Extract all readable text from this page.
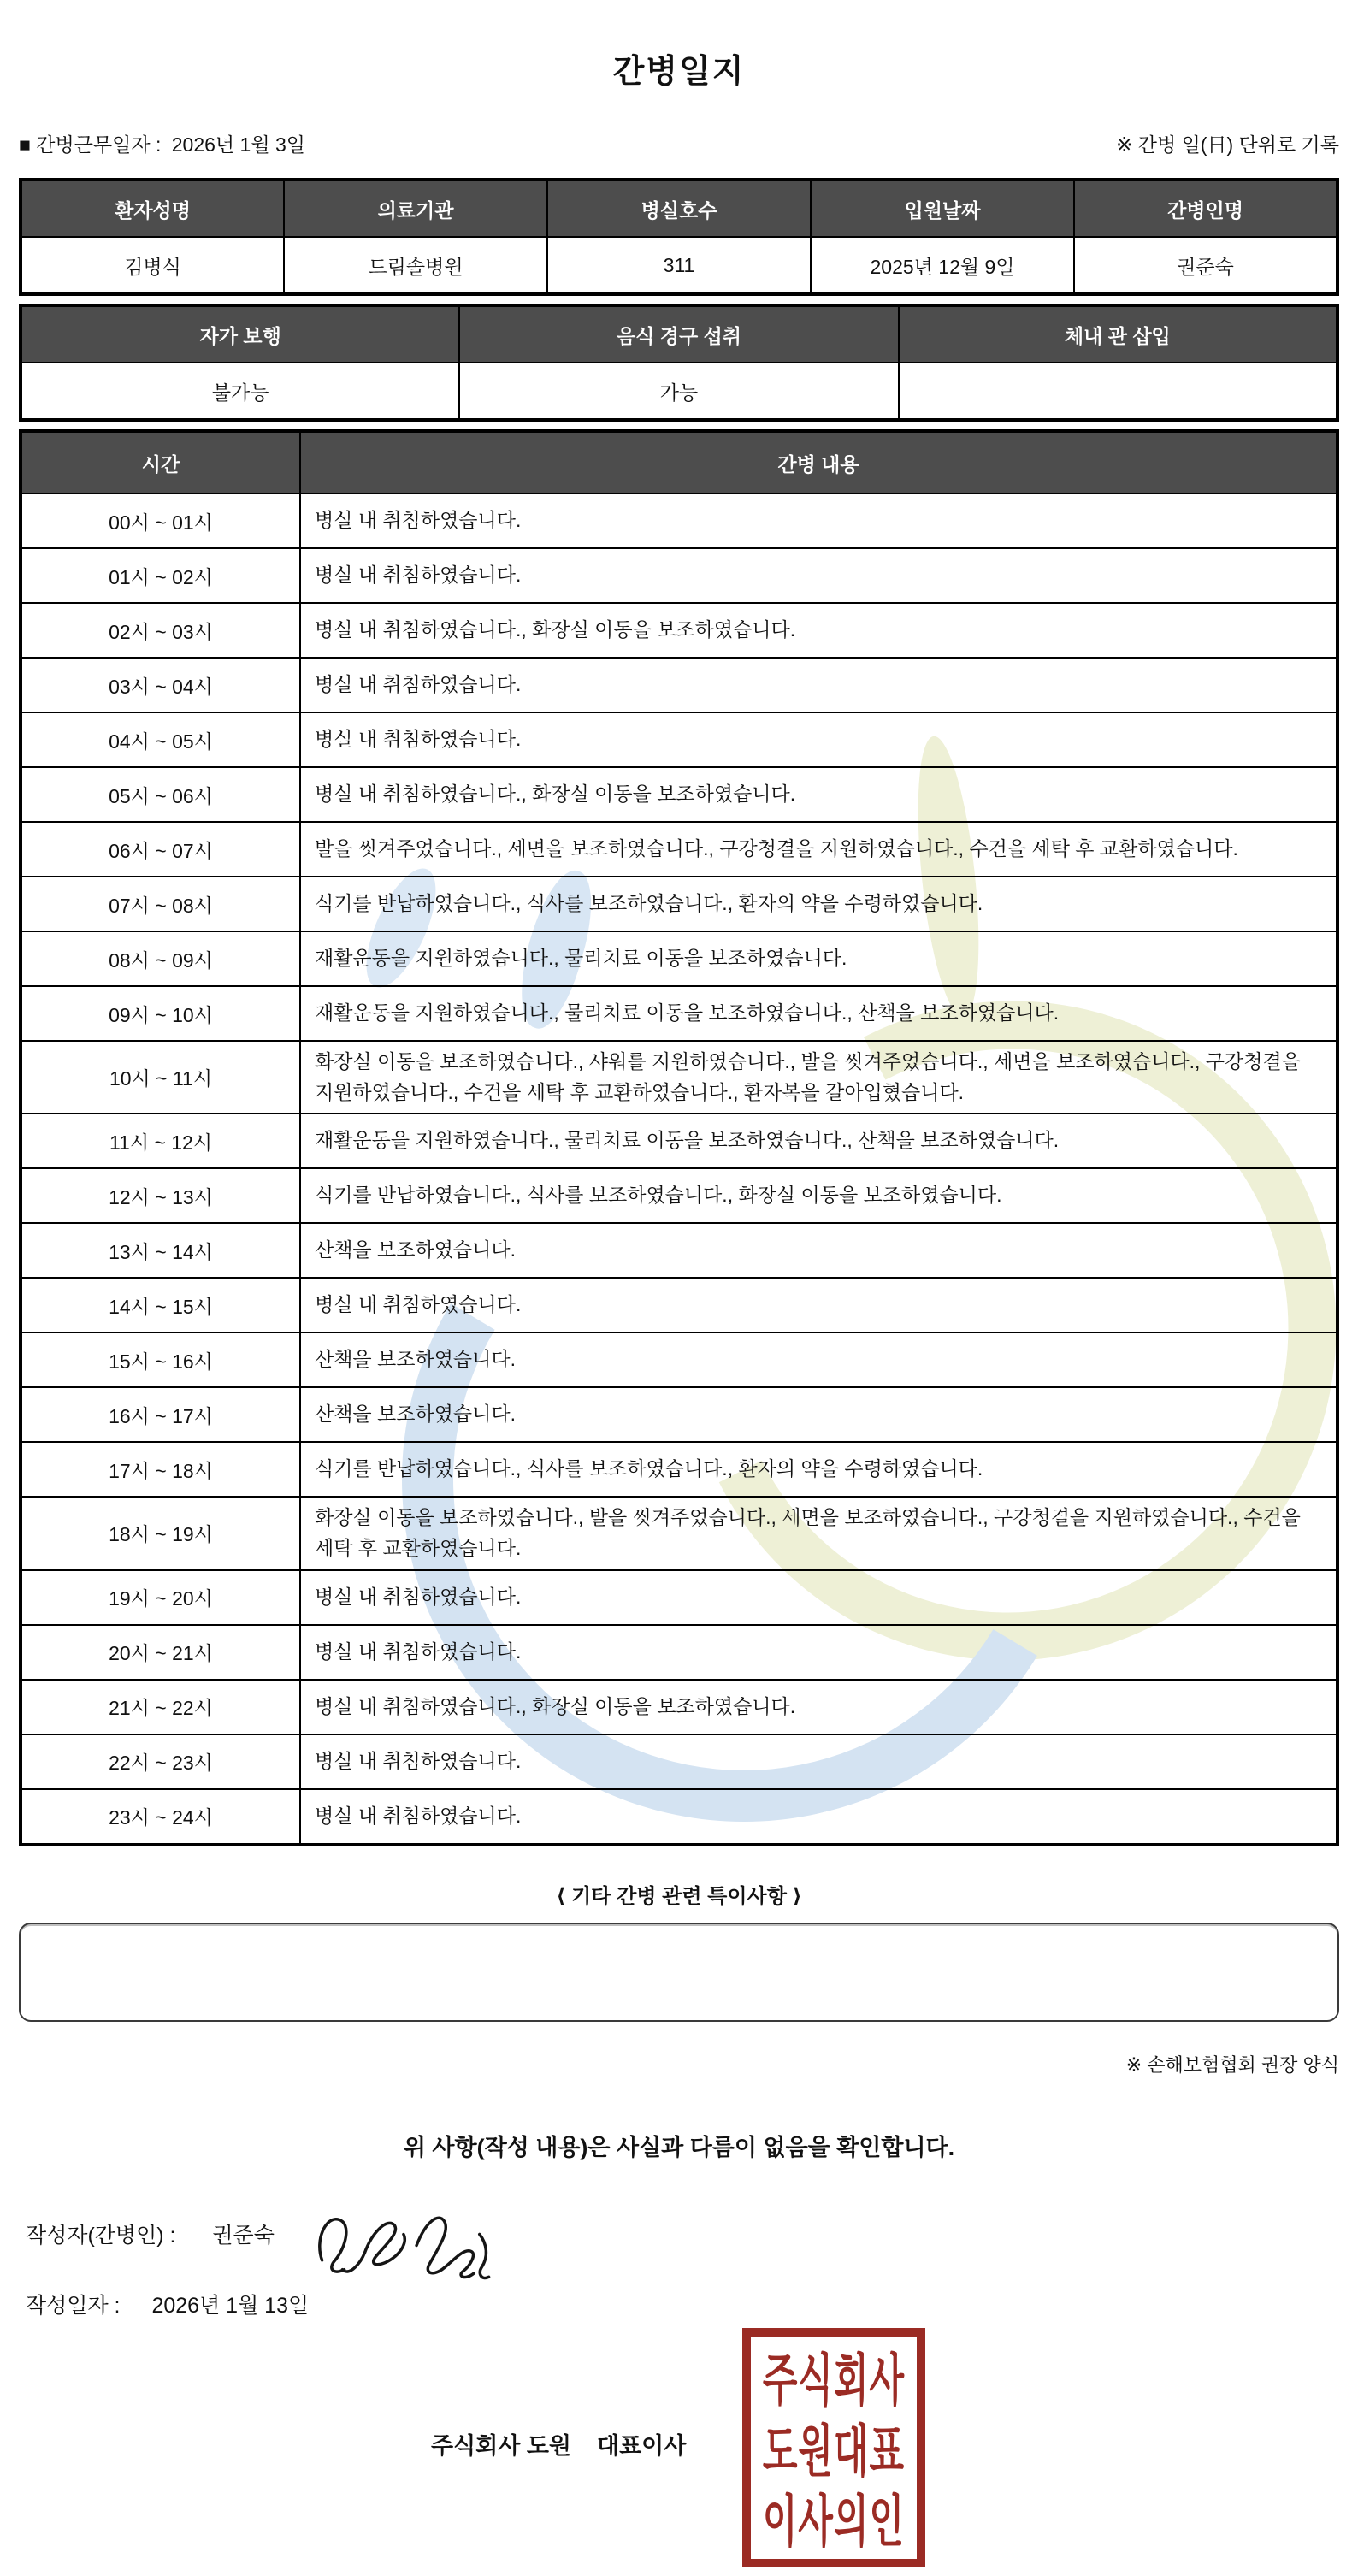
간병일지
■ 간병근무일자 : 2026년 1월 3일	※ 간병 일(日) 단위로 기록
환자성명	의료기관	병실호수	입원날짜	간병인명
김병식	드림솔병원	311	2025년 12월 9일	권준숙
자가 보행	음식 경구 섭취	체내 관 삽입
불가능	가능	
시간	간병 내용
00시 ~ 01시	병실 내 취침하였습니다.
01시 ~ 02시	병실 내 취침하였습니다.
02시 ~ 03시	병실 내 취침하였습니다., 화장실 이동을 보조하였습니다.
03시 ~ 04시	병실 내 취침하였습니다.
04시 ~ 05시	병실 내 취침하였습니다.
05시 ~ 06시	병실 내 취침하였습니다., 화장실 이동을 보조하였습니다.
06시 ~ 07시	발을 씻겨주었습니다., 세면을 보조하였습니다., 구강청결을 지원하였습니다., 수건을 세탁 후 교환하였습니다.
07시 ~ 08시	식기를 반납하였습니다., 식사를 보조하였습니다., 환자의 약을 수령하였습니다.
08시 ~ 09시	재활운동을 지원하였습니다., 물리치료 이동을 보조하였습니다.
09시 ~ 10시	재활운동을 지원하였습니다., 물리치료 이동을 보조하였습니다., 산책을 보조하였습니다.
10시 ~ 11시	화장실 이동을 보조하였습니다., 샤워를 지원하였습니다., 발을 씻겨주었습니다., 세면을 보조하였습니다., 구강청결을 지원하였습니다., 수건을 세탁 후 교환하였습니다., 환자복을 갈아입혔습니다.
11시 ~ 12시	재활운동을 지원하였습니다., 물리치료 이동을 보조하였습니다., 산책을 보조하였습니다.
12시 ~ 13시	식기를 반납하였습니다., 식사를 보조하였습니다., 화장실 이동을 보조하였습니다.
13시 ~ 14시	산책을 보조하였습니다.
14시 ~ 15시	병실 내 취침하였습니다.
15시 ~ 16시	산책을 보조하였습니다.
16시 ~ 17시	산책을 보조하였습니다.
17시 ~ 18시	식기를 반납하였습니다., 식사를 보조하였습니다., 환자의 약을 수령하였습니다.
18시 ~ 19시	화장실 이동을 보조하였습니다., 발을 씻겨주었습니다., 세면을 보조하였습니다., 구강청결을 지원하였습니다., 수건을 세탁 후 교환하였습니다.
19시 ~ 20시	병실 내 취침하였습니다.
20시 ~ 21시	병실 내 취침하였습니다.
21시 ~ 22시	병실 내 취침하였습니다., 화장실 이동을 보조하였습니다.
22시 ~ 23시	병실 내 취침하였습니다.
23시 ~ 24시	병실 내 취침하였습니다.
⟨ 기타 간병 관련 특이사항 ⟩
※ 손해보험협회 권장 양식
위 사항(작성 내용)은 사실과 다름이 없음을 확인합니다.
작성자(간병인) : 권준숙
작성일자 : 2026년 1월 13일
주식회사 도원    대표이사
주식회사
도원대표
이사의인
